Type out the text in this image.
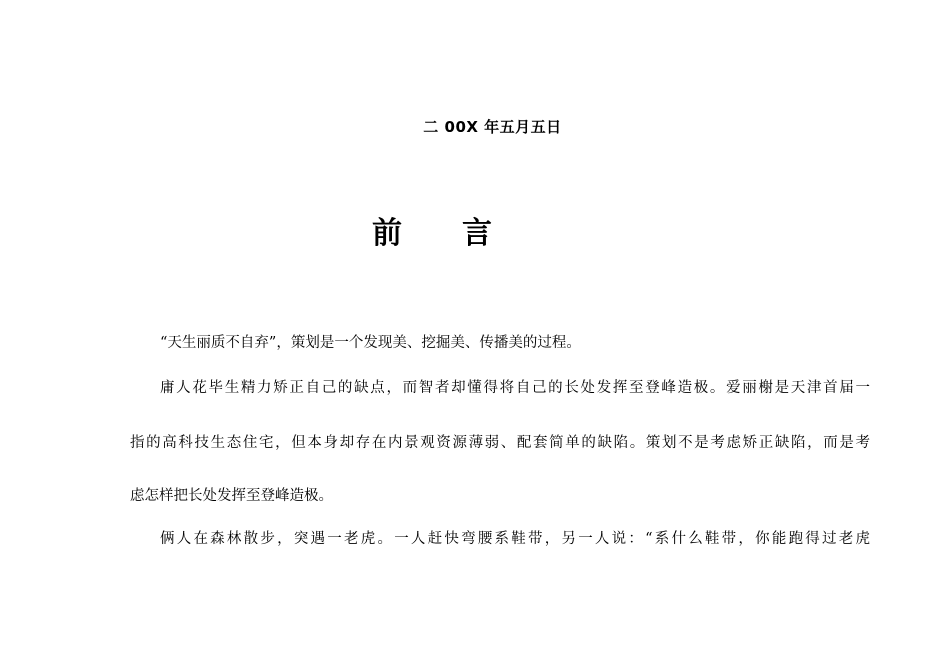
二 00X 年五月五日
前 言
“天生丽质不自弃”，策划是一个发现美、挖掘美、传播美的过程。
庸人花毕生精力矫正自己的缺点，而智者却懂得将自己的长处发挥至登峰造极。爱丽榭是天津首届一
指的高科技生态住宅，但本身却存在内景观资源薄弱、配套简单的缺陷。策划不是考虑矫正缺陷，而是考
虑怎样把长处发挥至登峰造极。
俩人在森林散步，突遇一老虎。一人赶快弯腰系鞋带，另一人说：“系什么鞋带，你能跑得过老虎
